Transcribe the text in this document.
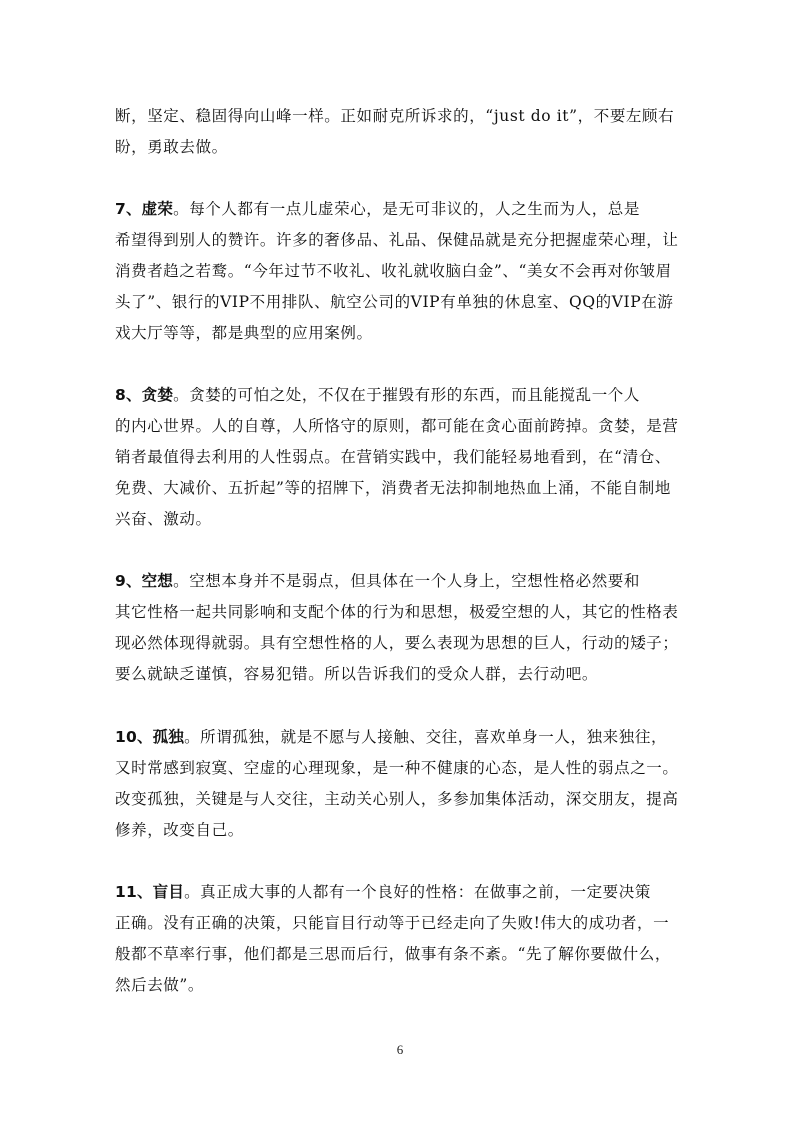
断，坚定、稳固得向山峰一样。正如耐克所诉求的，“just do it”，不要左顾右
盼，勇敢去做。
7、虚荣。每个人都有一点儿虚荣心，是无可非议的，人之生而为人，总是
希望得到别人的赞许。许多的奢侈品、礼品、保健品就是充分把握虚荣心理，让
消费者趋之若鹜。“今年过节不收礼、收礼就收脑白金”、“美女不会再对你皱眉
头了”、银行的VIP不用排队、航空公司的VIP有单独的休息室、QQ的VIP在游
戏大厅等等，都是典型的应用案例。
8、贪婪。贪婪的可怕之处，不仅在于摧毁有形的东西，而且能搅乱一个人
的内心世界。人的自尊，人所恪守的原则，都可能在贪心面前跨掉。贪婪，是营
销者最值得去利用的人性弱点。在营销实践中，我们能轻易地看到，在“清仓、
免费、大减价、五折起”等的招牌下，消费者无法抑制地热血上涌，不能自制地
兴奋、激动。
9、空想。空想本身并不是弱点，但具体在一个人身上，空想性格必然要和
其它性格一起共同影响和支配个体的行为和思想，极爱空想的人，其它的性格表
现必然体现得就弱。具有空想性格的人，要么表现为思想的巨人，行动的矮子；
要么就缺乏谨慎，容易犯错。所以告诉我们的受众人群，去行动吧。
10、孤独。所谓孤独，就是不愿与人接触、交往，喜欢单身一人，独来独往，
又时常感到寂寞、空虚的心理现象，是一种不健康的心态，是人性的弱点之一。
改变孤独，关键是与人交往，主动关心别人，多参加集体活动，深交朋友，提高
修养，改变自己。
11、盲目。真正成大事的人都有一个良好的性格：在做事之前，一定要决策
正确。没有正确的决策，只能盲目行动等于已经走向了失败!伟大的成功者，一
般都不草率行事，他们都是三思而后行，做事有条不紊。“先了解你要做什么，
然后去做”。
6
